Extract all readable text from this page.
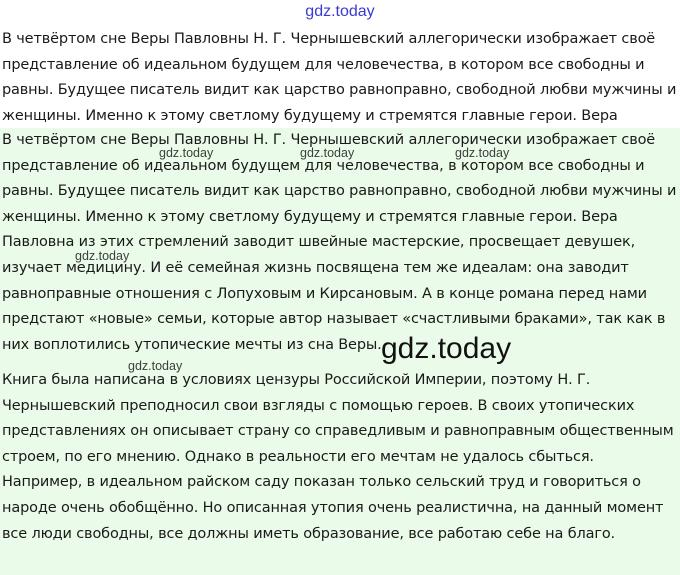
gdz.today

В четвёртом сне Веры Павловны Н. Г. Чернышевский аллегорически изображает своё представление об идеальном будущем для человечества, в котором все свободны и равны. Будущее писатель видит как царство равноправно, свободной любви мужчины и женщины. Именно к этому светлому будущему и стремятся главные герои. Вера

В четвёртом сне Веры Павловны Н. Г. Чернышевский аллегорически изображает своё представление об идеальном будущем для человечества, в котором все свободны и равны. Будущее писатель видит как царство равноправно, свободной любви мужчины и женщины. Именно к этому светлому будущему и стремятся главные герои. Вера Павловна из этих стремлений заводит швейные мастерские, просвещает девушек, изучает медицину. И её семейная жизнь посвящена тем же идеалам: она заводит равноправные отношения с Лопуховым и Кирсановым. А в конце романа перед нами предстают «новые» семьи, которые автор называет «счастливыми браками», так как в них воплотились утопические мечты из сна Веры.

Книга была написана в условиях цензуры Российской Империи, поэтому Н. Г. Чернышевский преподносил свои взгляды с помощью героев. В своих утопических представлениях он описывает страну со справедливым и равноправным общественным строем, по его мнению. Однако в реальности его мечтам не удалось сбыться. Например, в идеальном райском саду показан только сельский труд и говориться о народе очень обобщённо. Но описанная утопия очень реалистична, на данный момент все люди свободны, все должны иметь образование, все работаю себе на благо.

gdz.today	gdz.today	gdz.today
gdz.today
gdz.today
gdz.today
